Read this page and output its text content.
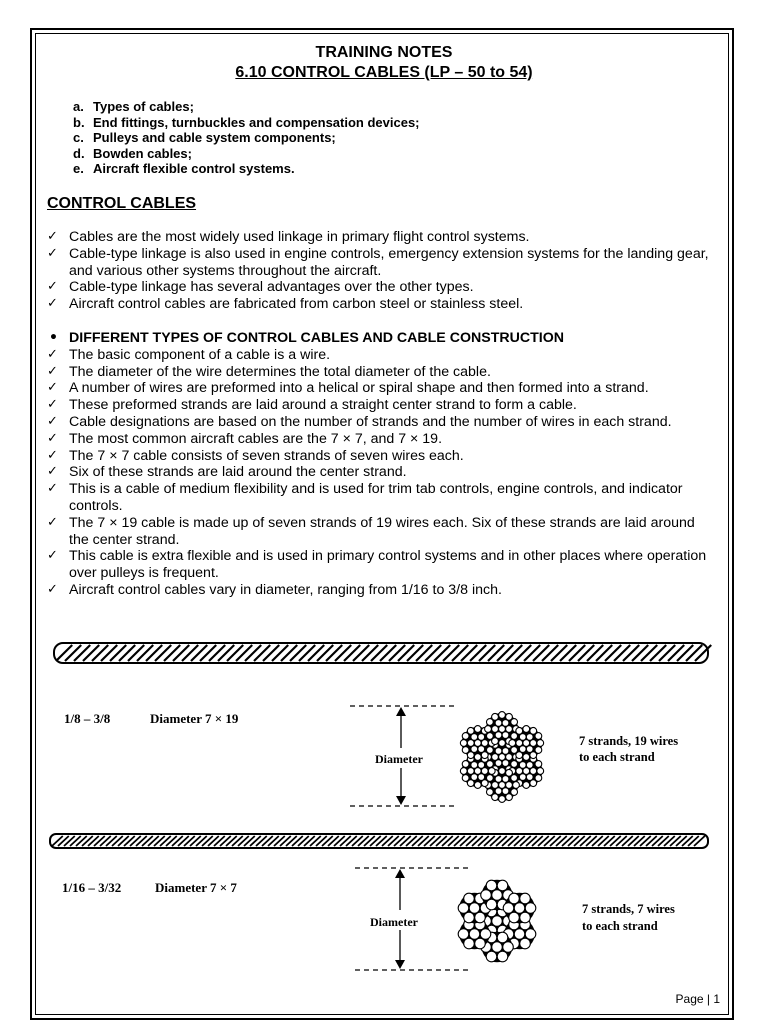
TRAINING NOTES
6.10 CONTROL CABLES (LP – 50 to 54)
a. Types of cables;
b. End fittings, turnbuckles and compensation devices;
c. Pulleys and cable system components;
d. Bowden cables;
e. Aircraft flexible control systems.
CONTROL CABLES
✓ Cables are the most widely used linkage in primary flight control systems.
✓ Cable-type linkage is also used in engine controls, emergency extension systems for the landing gear, and various other systems throughout the aircraft.
✓ Cable-type linkage has several advantages over the other types.
✓ Aircraft control cables are fabricated from carbon steel or stainless steel.
• DIFFERENT TYPES OF CONTROL CABLES AND CABLE CONSTRUCTION
✓ The basic component of a cable is a wire.
✓ The diameter of the wire determines the total diameter of the cable.
✓ A number of wires are preformed into a helical or spiral shape and then formed into a strand.
✓ These preformed strands are laid around a straight center strand to form a cable.
✓ Cable designations are based on the number of strands and the number of wires in each strand.
✓ The most common aircraft cables are the 7 × 7, and 7 × 19.
✓ The 7 × 7 cable consists of seven strands of seven wires each.
✓ Six of these strands are laid around the center strand.
✓ This is a cable of medium flexibility and is used for trim tab controls, engine controls, and indicator controls.
✓ The 7 × 19 cable is made up of seven strands of 19 wires each. Six of these strands are laid around the center strand.
✓ This cable is extra flexible and is used in primary control systems and in other places where operation over pulleys is frequent.
✓ Aircraft control cables vary in diameter, ranging from 1/16 to 3/8 inch.
1/8 – 3/8	Diameter 7 × 19
Diameter
7 strands, 19 wires
to each strand
1/16 – 3/32	Diameter 7 × 7
Diameter
7 strands, 7 wires
to each strand
Page | 1
